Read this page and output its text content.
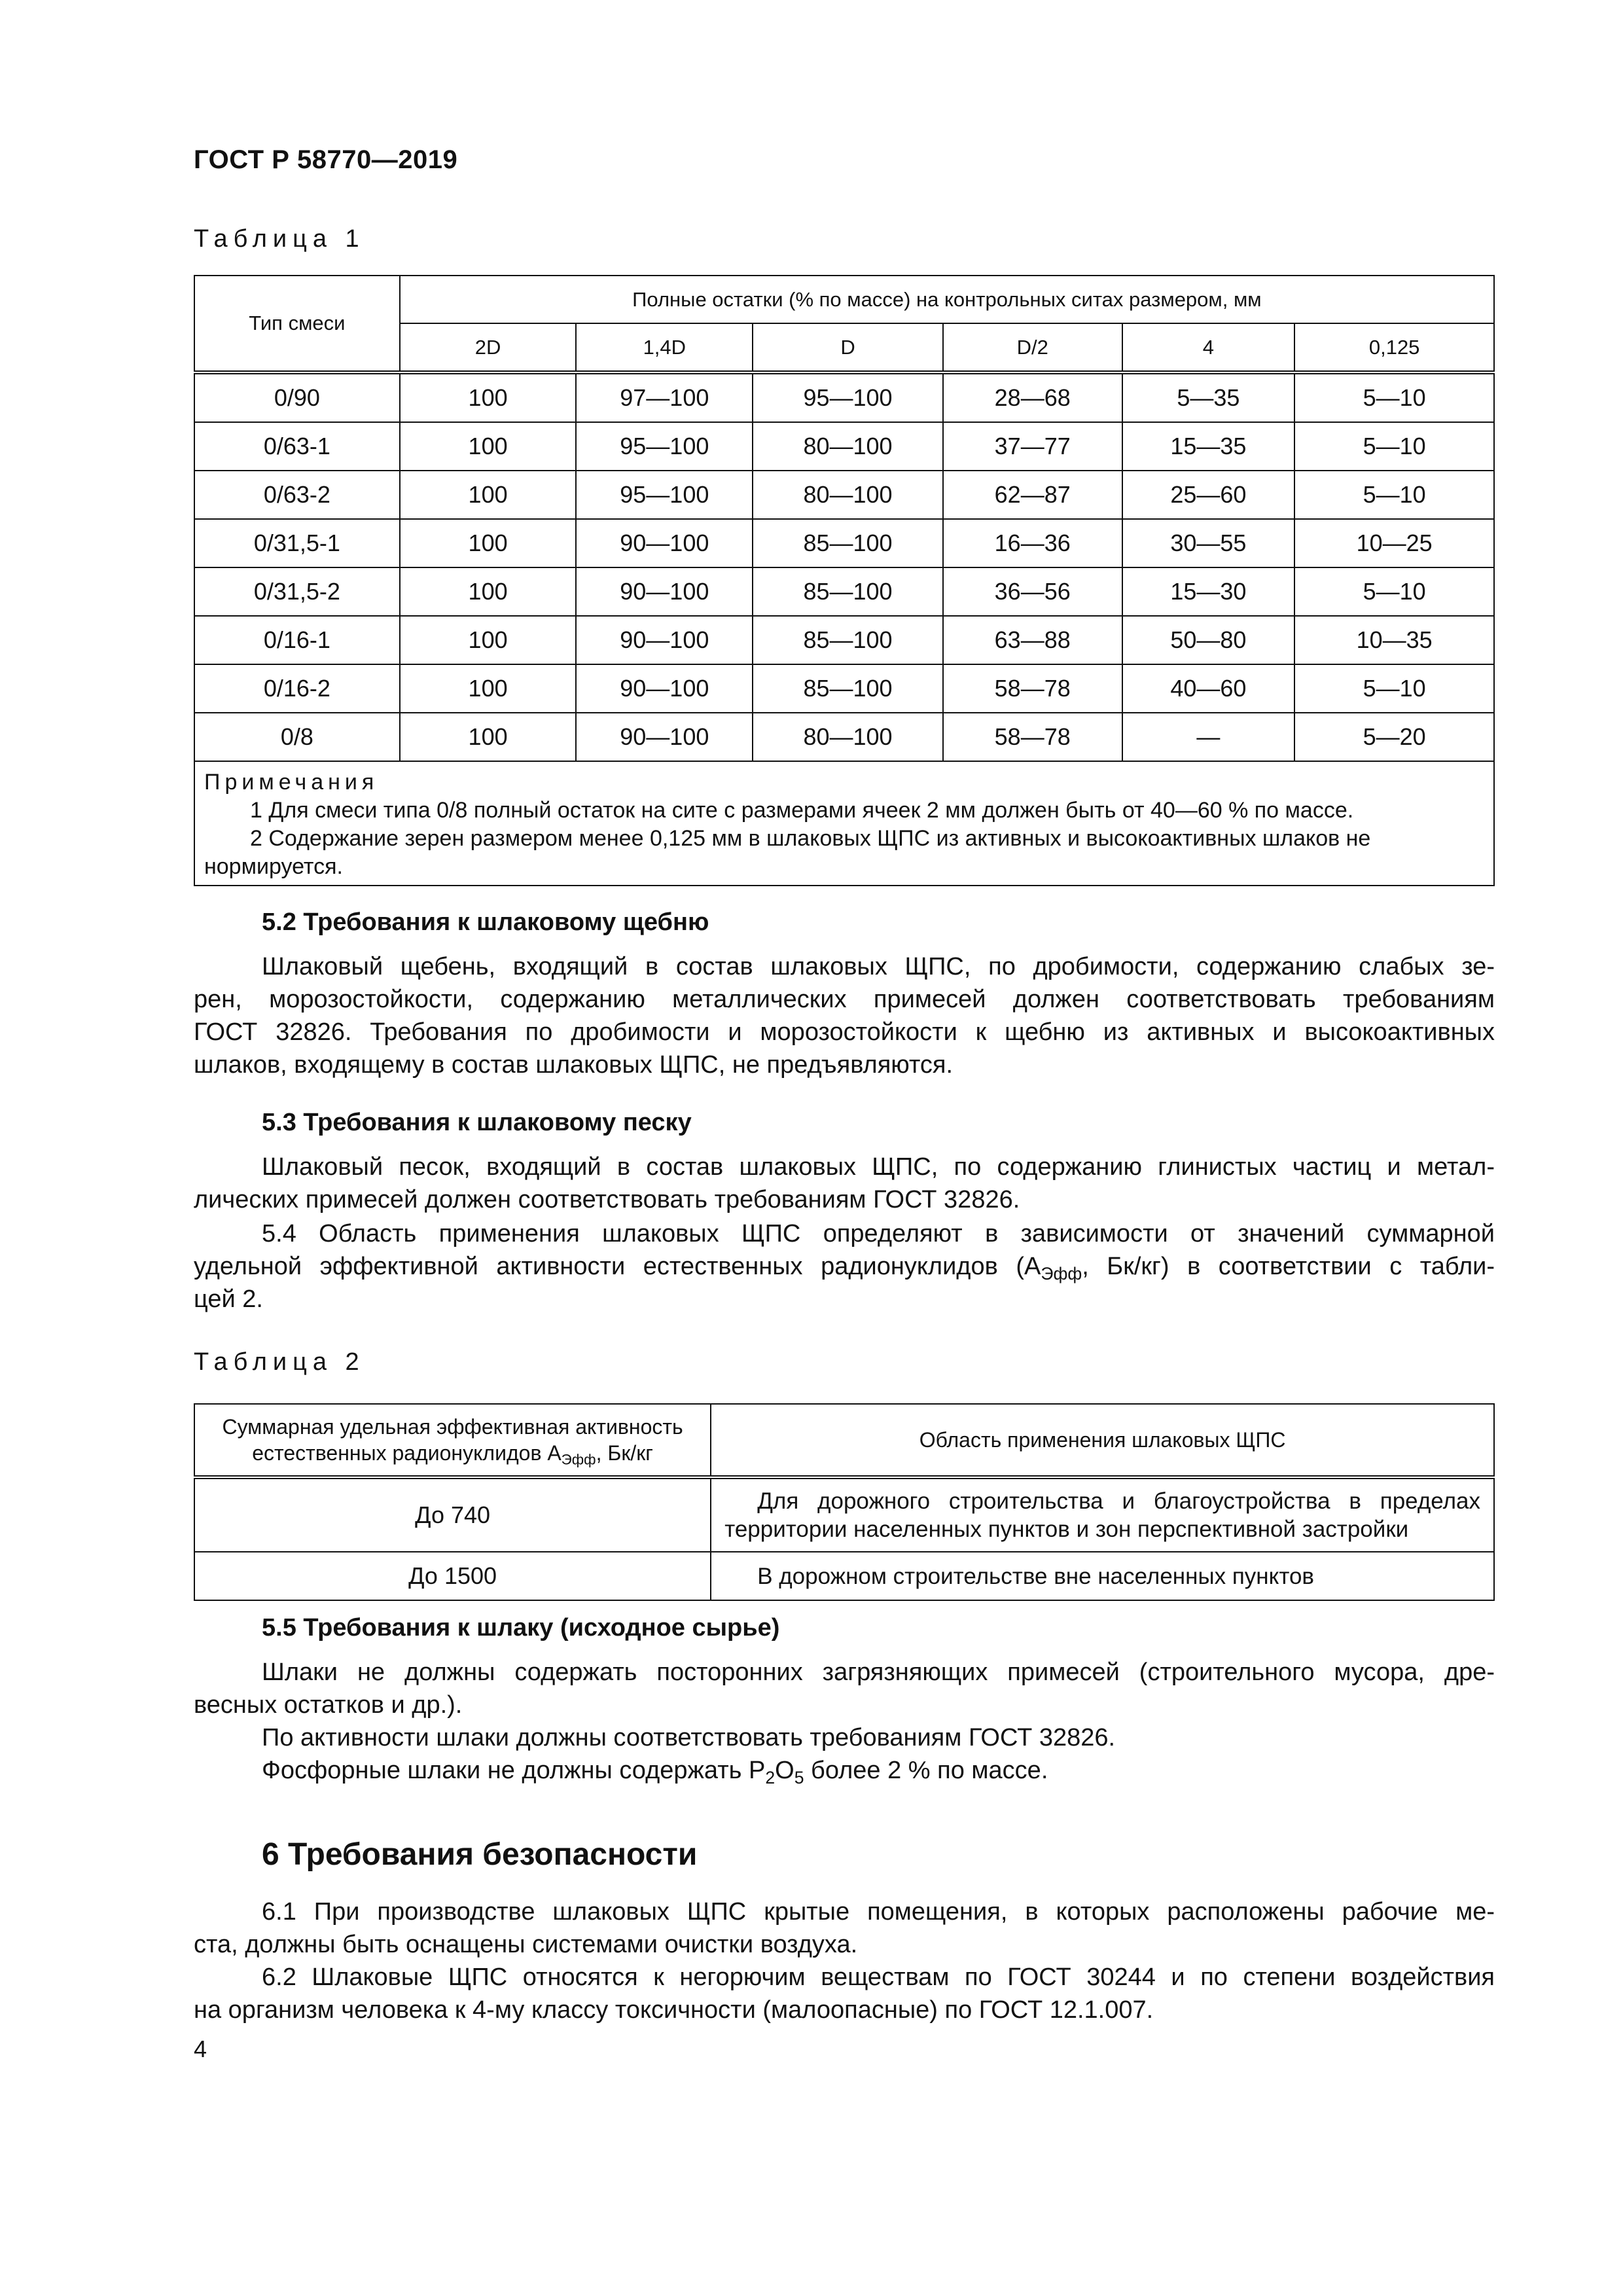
ГОСТ Р 58770—2019
Таблица 1
Тип смеси	Полные остатки (% по массе) на контрольных ситах размером, мм					
	2D	1,4D	D	D/2	4	0,125
0/90	100	97—100	95—100	28—68	5—35	5—10
0/63-1	100	95—100	80—100	37—77	15—35	5—10
0/63-2	100	95—100	80—100	62—87	25—60	5—10
0/31,5-1	100	90—100	85—100	16—36	30—55	10—25
0/31,5-2	100	90—100	85—100	36—56	15—30	5—10
0/16-1	100	90—100	85—100	63—88	50—80	10—35
0/16-2	100	90—100	85—100	58—78	40—60	5—10
0/8	100	90—100	80—100	58—78	—	5—20
Примечания

1 Для смеси типа 0/8 полный остаток на сите с размерами ячеек 2 мм должен быть от 40—60 % по массе.
2 Содержание зерен размером менее 0,125 мм в шлаковых ЩПС из активных и высокоактивных шлаков не
нормируется.						
5.2 Требования к шлаковому щебню
Шлаковый щебень, входящий в состав шлаковых ЩПС, по дробимости, содержанию слабых зе-
рен, морозостойкости, содержанию металлических примесей должен соответствовать требованиям
ГОСТ 32826. Требования по дробимости и морозостойкости к щебню из активных и высокоактивных
шлаков, входящему в состав шлаковых ЩПС, не предъявляются.
5.3 Требования к шлаковому песку
Шлаковый песок, входящий в состав шлаковых ЩПС, по содержанию глинистых частиц и метал-
лических примесей должен соответствовать требованиям ГОСТ 32826.
5.4 Область применения шлаковых ЩПС определяют в зависимости от значений суммарной
удельной эффективной активности естественных радионуклидов ($А_{Эфф}$, Бк/кг) в соответствии с табли-
цей 2.
Таблица 2
Суммарная удельная эффективная активность
естественных радионуклидов $А_{Эфф}$, Бк/кг	Область применения шлаковых ЩПС
До 740	Для дорожного строительства и благоустройства в пределах
территории населенных пунктов и зон перспективной застройки

До 1500	В дорожном строительстве вне населенных пунктов
5.5 Требования к шлаку (исходное сырье)
Шлаки не должны содержать посторонних загрязняющих примесей (строительного мусора, дре-
весных остатков и др.).
По активности шлаки должны соответствовать требованиям ГОСТ 32826.
Фосфорные шлаки не должны содержать $P_2O_5$ более 2 % по массе.
6 Требования безопасности
6.1 При производстве шлаковых ЩПС крытые помещения, в которых расположены рабочие ме-
ста, должны быть оснащены системами очистки воздуха.
6.2 Шлаковые ЩПС относятся к негорючим веществам по ГОСТ 30244 и по степени воздействия
на организм человека к 4-му классу токсичности (малоопасные) по ГОСТ 12.1.007.
4
